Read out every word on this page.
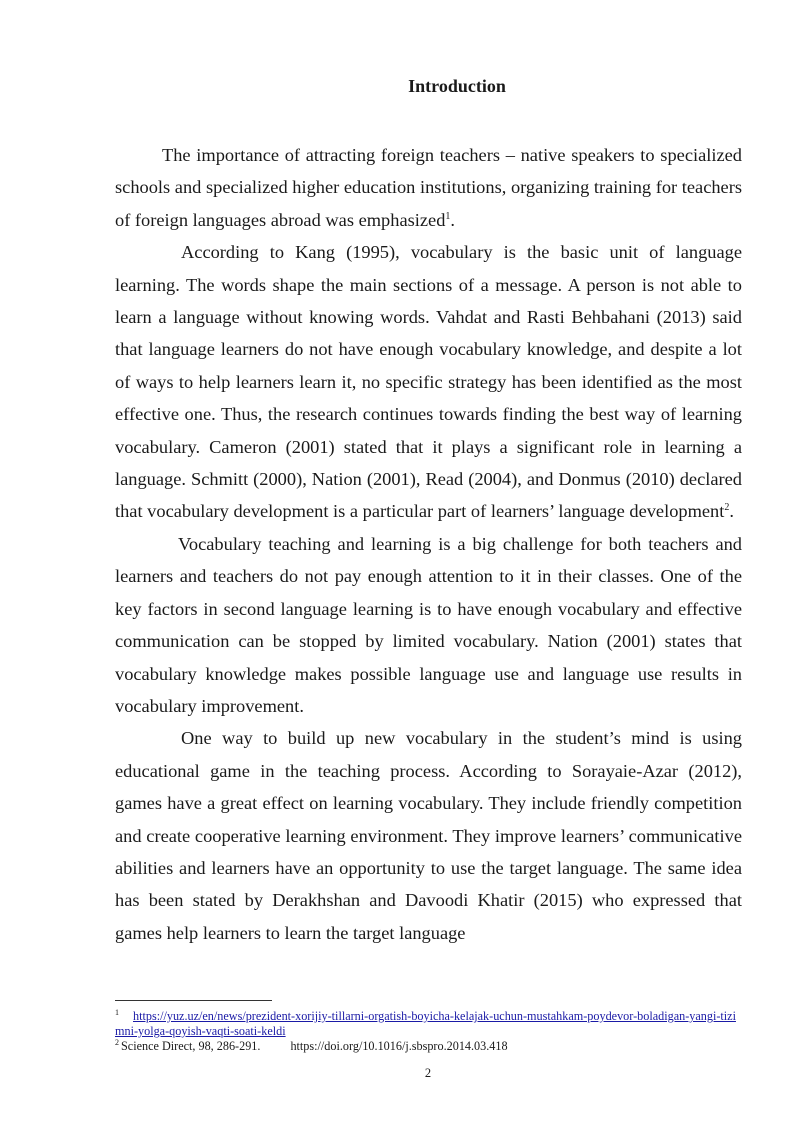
Introduction

The importance of attracting foreign teachers – native speakers to specialized schools and specialized higher education institutions, organizing training for teachers of foreign languages abroad was emphasized$^1$.

According to Kang (1995), vocabulary is the basic unit of language learning. The words shape the main sections of a message. A person is not able to learn a language without knowing words. Vahdat and Rasti Behbahani (2013) said that language learners do not have enough vocabulary knowledge, and despite a lot of ways to help learners learn it, no specific strategy has been identified as the most effective one. Thus, the research continues towards finding the best way of learning vocabulary. Cameron (2001) stated that it plays a significant role in learning a language. Schmitt (2000), Nation (2001), Read (2004), and Donmus (2010) declared that vocabulary development is a particular part of learners’ language development$^2$.

Vocabulary teaching and learning is a big challenge for both teachers and learners and teachers do not pay enough attention to it in their classes. One of the key factors in second language learning is to have enough vocabulary and effective communication can be stopped by limited vocabulary. Nation (2001) states that vocabulary knowledge makes possible language use and language use results in vocabulary improvement.

One way to build up new vocabulary in the student’s mind is using educational game in the teaching process. According to Sorayaie-Azar (2012), games have a great effect on learning vocabulary. They include friendly competition and create cooperative learning environment. They improve learners’ communicative abilities and learners have an opportunity to use the target language. The same idea has been stated by Derakhshan and Davoodi Khatir (2015) who expressed that games help learners to learn the target language

$^1$ https://yuz.uz/en/news/prezident-xorijiy-tillarni-orgatish-boyicha-kelajak-uchun-mustahkam-poydevor-boladigan-yangi-tizimni-yolga-qoyish-vaqti-soati-keldi

$^2$ Science Direct, 98, 286-291. https://doi.org/10.1016/j.sbspro.2014.03.418

2
